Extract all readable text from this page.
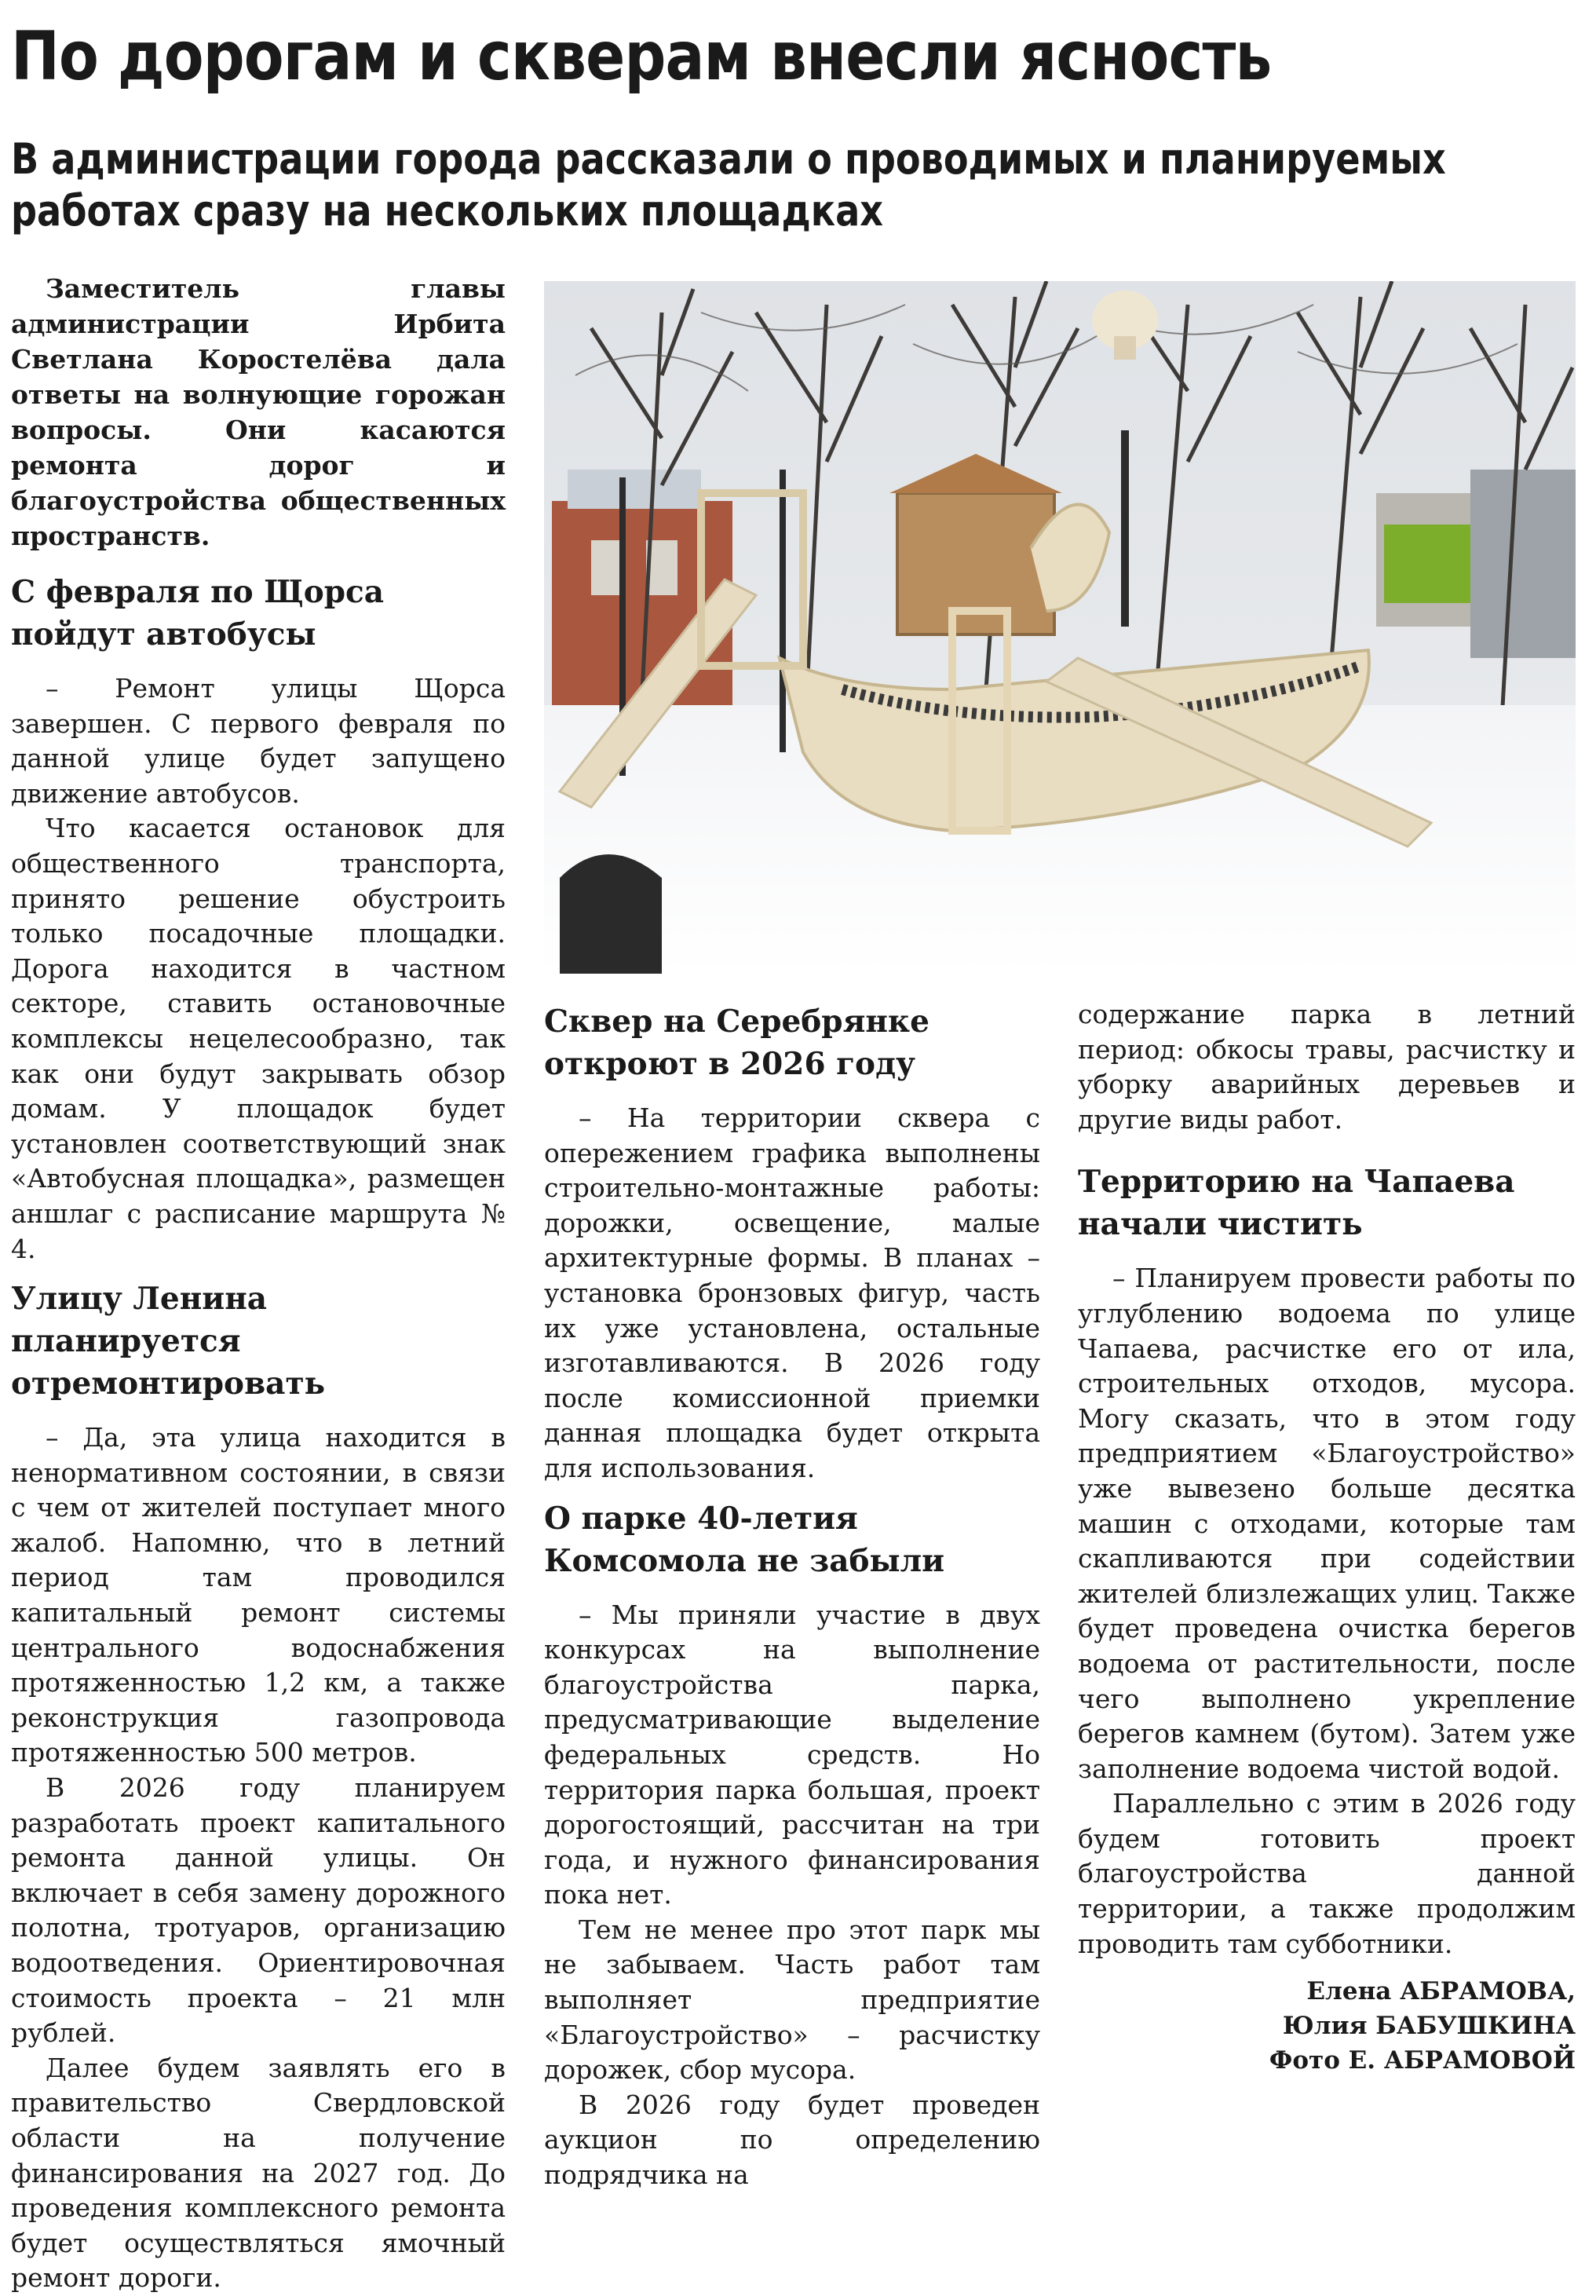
По дорогам и скверам внесли ясность
В администрации города рассказали о проводимых и планируемых работах сразу на нескольких площадках

Заместитель главы администрации Ирбита Светлана Коростелёва дала ответы на волнующие горожан вопросы. Они касаются ремонта дорог и благоустройства общественных пространств.

С февраля по Щорса пойдут автобусы

– Ремонт улицы Щорса завершен. С первого февраля по данной улице будет запущено движение автобусов.

Что касается остановок для общественного транспорта, принято решение обустроить только посадочные площадки. Дорога находится в частном секторе, ставить остановочные комплексы нецелесообразно, так как они будут закрывать обзор домам. У площадок будет установлен соответствующий знак «Автобусная площадка», размещен аншлаг с расписание маршрута № 4.

Улицу Ленина планируется отремонтировать

– Да, эта улица находится в ненормативном состоянии, в связи с чем от жителей поступает много жалоб. Напомню, что в летний период там проводился капитальный ремонт системы центрального водоснабжения протяженностью 1,2 км, а также реконструкция газопровода протяженностью 500 метров.

В 2026 году планируем разработать проект капитального ремонта данной улицы. Он включает в себя замену дорожного полотна, тротуаров, организацию водоотведения. Ориентировочная стоимость проекта – 21 млн рублей.

Далее будем заявлять его в правительство Свердловской области на получение финансирования на 2027 год. До проведения комплексного ремонта будет осуществляться ямочный ремонт дороги.

Сквер на Серебрянке откроют в 2026 году

– На территории сквера с опережением графика выполнены строительно-монтажные работы: дорожки, освещение, малые архитектурные формы. В планах – установка бронзовых фигур, часть их уже установлена, остальные изготавливаются. В 2026 году после комиссионной приемки данная площадка будет открыта для использования.

О парке 40-летия Комсомола не забыли

– Мы приняли участие в двух конкурсах на выполнение благоустройства парка, предусматривающие выделение федеральных средств. Но территория парка большая, проект дорогостоящий, рассчитан на три года, и нужного финансирования пока нет.

Тем не менее про этот парк мы не забываем. Часть работ там выполняет предприятие «Благоустройство» – расчистку дорожек, сбор мусора.

В 2026 году будет проведен аукцион по определению подрядчика на

содержание парка в летний период: обкосы травы, расчистку и уборку аварийных деревьев и другие виды работ.

Территорию на Чапаева начали чистить

– Планируем провести работы по углублению водоема по улице Чапаева, расчистке его от ила, строительных отходов, мусора. Могу сказать, что в этом году предприятием «Благоустройство» уже вывезено больше десятка машин с отходами, которые там скапливаются при содействии жителей близлежащих улиц. Также будет проведена очистка берегов водоема от растительности, после чего выполнено укрепление берегов камнем (бутом). Затем уже заполнение водоема чистой водой.

Параллельно с этим в 2026 году будем готовить проект благоустройства данной территории, а также продолжим проводить там субботники.

Елена АБРАМОВА,
Юлия БАБУШКИНА
Фото Е. АБРАМОВОЙ
